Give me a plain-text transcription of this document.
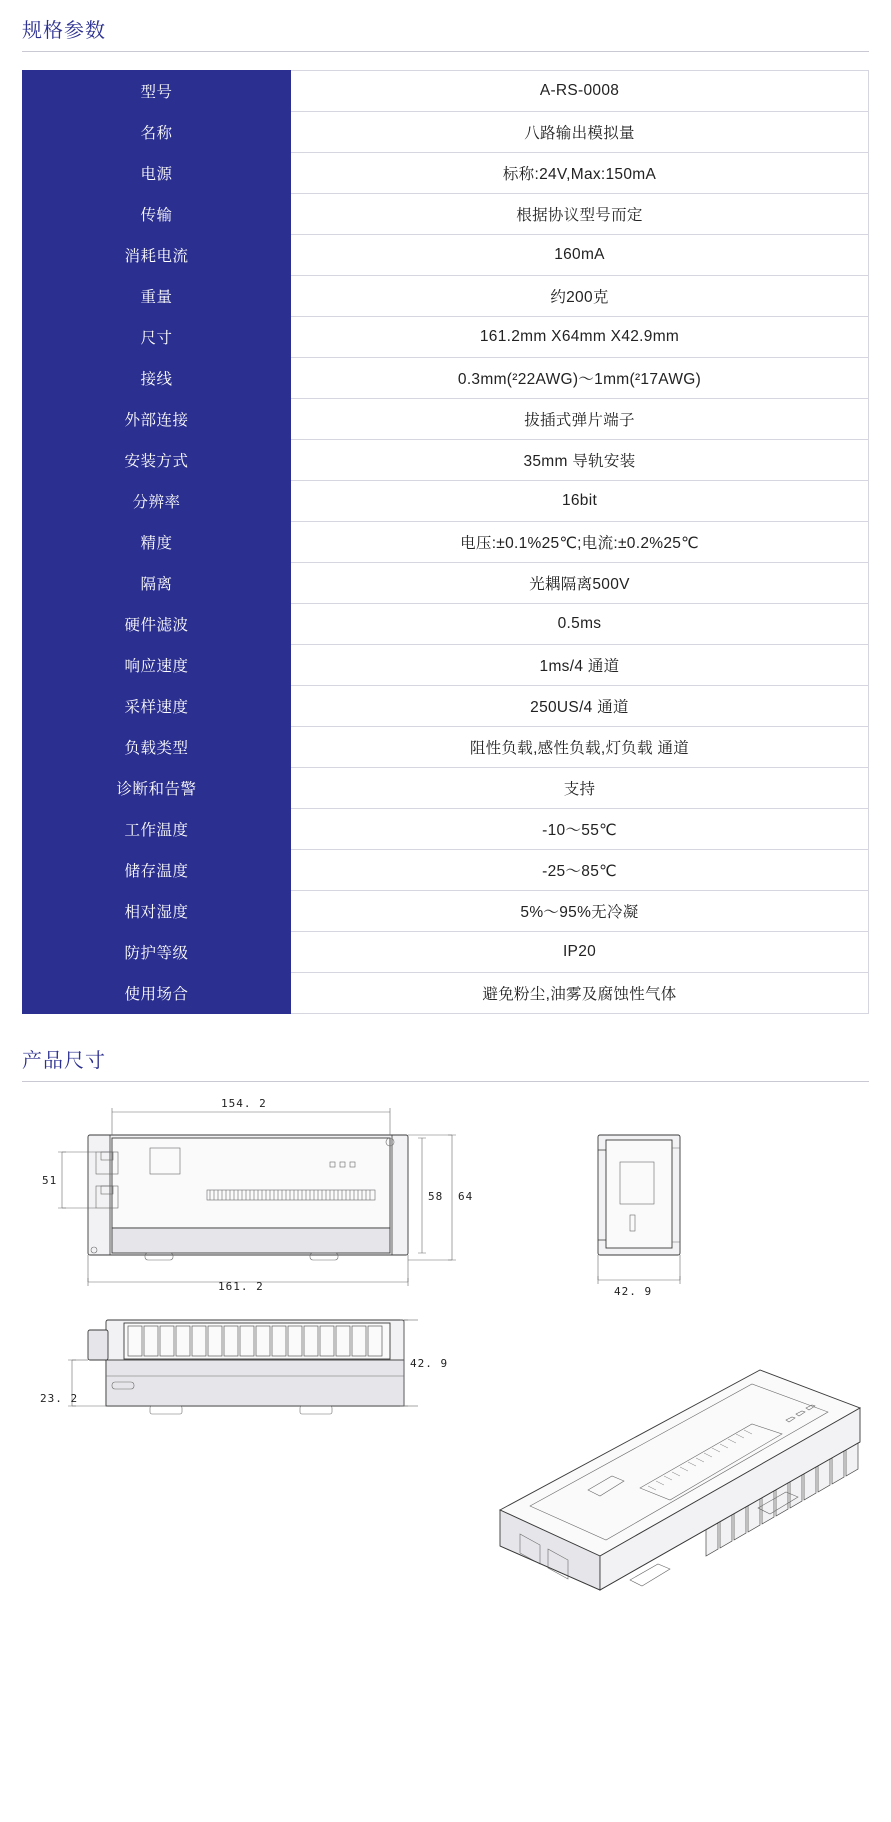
规格参数
型号	A-RS-0008
名称	八路输出模拟量
电源	标称:24V,Max:150mA
传输	根据协议型号而定
消耗电流	160mA
重量	约200克
尺寸	161.2mm X64mm X42.9mm
接线	0.3mm(²22AWG)～1mm(²17AWG)
外部连接	拔插式弹片端子
安装方式	35mm 导轨安装
分辨率	16bit
精度	电压:±0.1%25℃;电流:±0.2%25℃
隔离	光耦隔离500V
硬件滤波	0.5ms
响应速度	1ms/4 通道
采样速度	250US/4 通道
负载类型	阻性负载,感性负载,灯负载 通道
诊断和告警	支持
工作温度	-10～55℃
储存温度	-25～85℃
相对湿度	5%～95%无冷凝
防护等级	IP20
使用场合	避免粉尘,油雾及腐蚀性气体
产品尺寸
154. 2
161. 2
51
58 64
42. 9
42. 9
23. 2
